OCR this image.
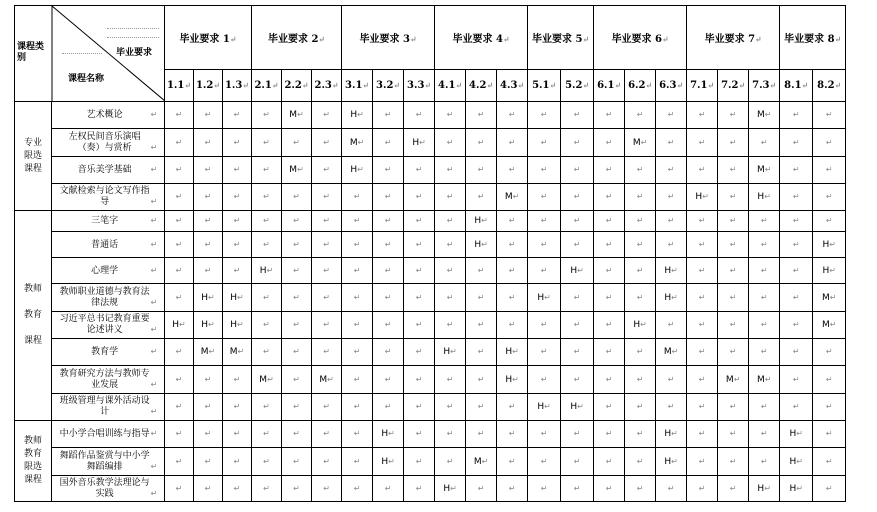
课程类别 毕业要求
课程名称		毕业要求 1↵			毕业要求 2↵			毕业要求 3↵			毕业要求 4↵			毕业要求 5↵		毕业要求 6↵			毕业要求 7↵			毕业要求 8↵	
		1.1↵	1.2↵	1.3↵	2.1↵	2.2↵	2.3↵	3.1↵	3.2↵	3.3↵	4.1↵	4.2↵	4.3↵	5.1↵	5.2↵	6.1↵	6.2↵	6.3↵	7.1↵	7.2↵	7.3↵	8.1↵	8.2↵
专业
限选
课程	艺术概论 ↵	↵	↵	↵	↵	M↵	↵	H↵	↵	↵	↵	↵	↵	↵	↵	↵	↵	↵	↵	↵	M↵	↵	↵
	左权民间音乐演唱（奏）与赏析 ↵	↵	↵	↵	↵	↵	↵	M↵	↵	H↵	↵	↵	↵	↵	↵	↵	M↵	↵	↵	↵	↵	↵	↵
	音乐美学基础 ↵	↵	↵	↵	↵	M↵	↵	H↵	↵	↵	↵	↵	↵	↵	↵	↵	↵	↵	↵	↵	M↵	↵	↵
	文献检索与论文写作指导 ↵	↵	↵	↵	↵	↵	↵	↵	↵	↵	↵	↵	M↵	↵	↵	↵	↵	↵	H↵	↵	H↵	↵	↵
教师

教育

课程	三笔字 ↵	↵	↵	↵	↵	↵	↵	↵	↵	↵	↵	H↵	↵	↵	↵	↵	↵	↵	↵	↵	↵	↵	↵
	普通话 ↵	↵	↵	↵	↵	↵	↵	↵	↵	↵	↵	H↵	↵	↵	↵	↵	↵	↵	↵	↵	↵	↵	H↵
	心理学 ↵	↵	↵	↵	H↵	↵	↵	↵	↵	↵	↵	↵	↵	↵	H↵	↵	↵	H↵	↵	↵	↵	↵	H↵
	教师职业道德与教育法律法规 ↵	↵	H↵	H↵	↵	↵	↵	↵	↵	↵	↵	↵	↵	H↵	↵	↵	↵	H↵	↵	↵	↵	↵	M↵
	习近平总书记教育重要论述讲义 ↵	H↵	H↵	H↵	↵	↵	↵	↵	↵	↵	↵	↵	↵	↵	↵	↵	H↵	↵	↵	↵	↵	↵	M↵
	教育学 ↵	↵	M↵	M↵	↵	↵	↵	↵	↵	↵	H↵	↵	H↵	↵	↵	↵	↵	M↵	↵	↵	↵	↵	↵
	教育研究方法与教师专业发展 ↵	↵	↵	↵	M↵	↵	M↵	↵	↵	↵	↵	↵	H↵	↵	↵	↵	↵	↵	↵	M↵	M↵	↵	↵
	班级管理与课外活动设计 ↵	↵	↵	↵	↵	↵	↵	↵	↵	↵	↵	↵	↵	H↵	H↵	↵	↵	↵	↵	↵	↵	↵	↵
教师
教育
限选
课程	中小学合唱训练与指导↵	↵	↵	↵	↵	↵	↵	↵	H↵	↵	↵	↵	↵	↵	↵	↵	↵	H↵	↵	↵	↵	H↵	↵
	舞蹈作品鉴赏与中小学舞蹈编排 ↵	↵	↵	↵	↵	↵	↵	↵	H↵	↵	↵	M↵	↵	↵	↵	↵	↵	H↵	↵	↵	↵	H↵	↵
	国外音乐教学法理论与实践 ↵	↵	↵	↵	↵	↵	↵	↵	↵	↵	H↵	↵	↵	↵	↵	↵	↵	↵	↵	↵	H↵	H↵	↵
